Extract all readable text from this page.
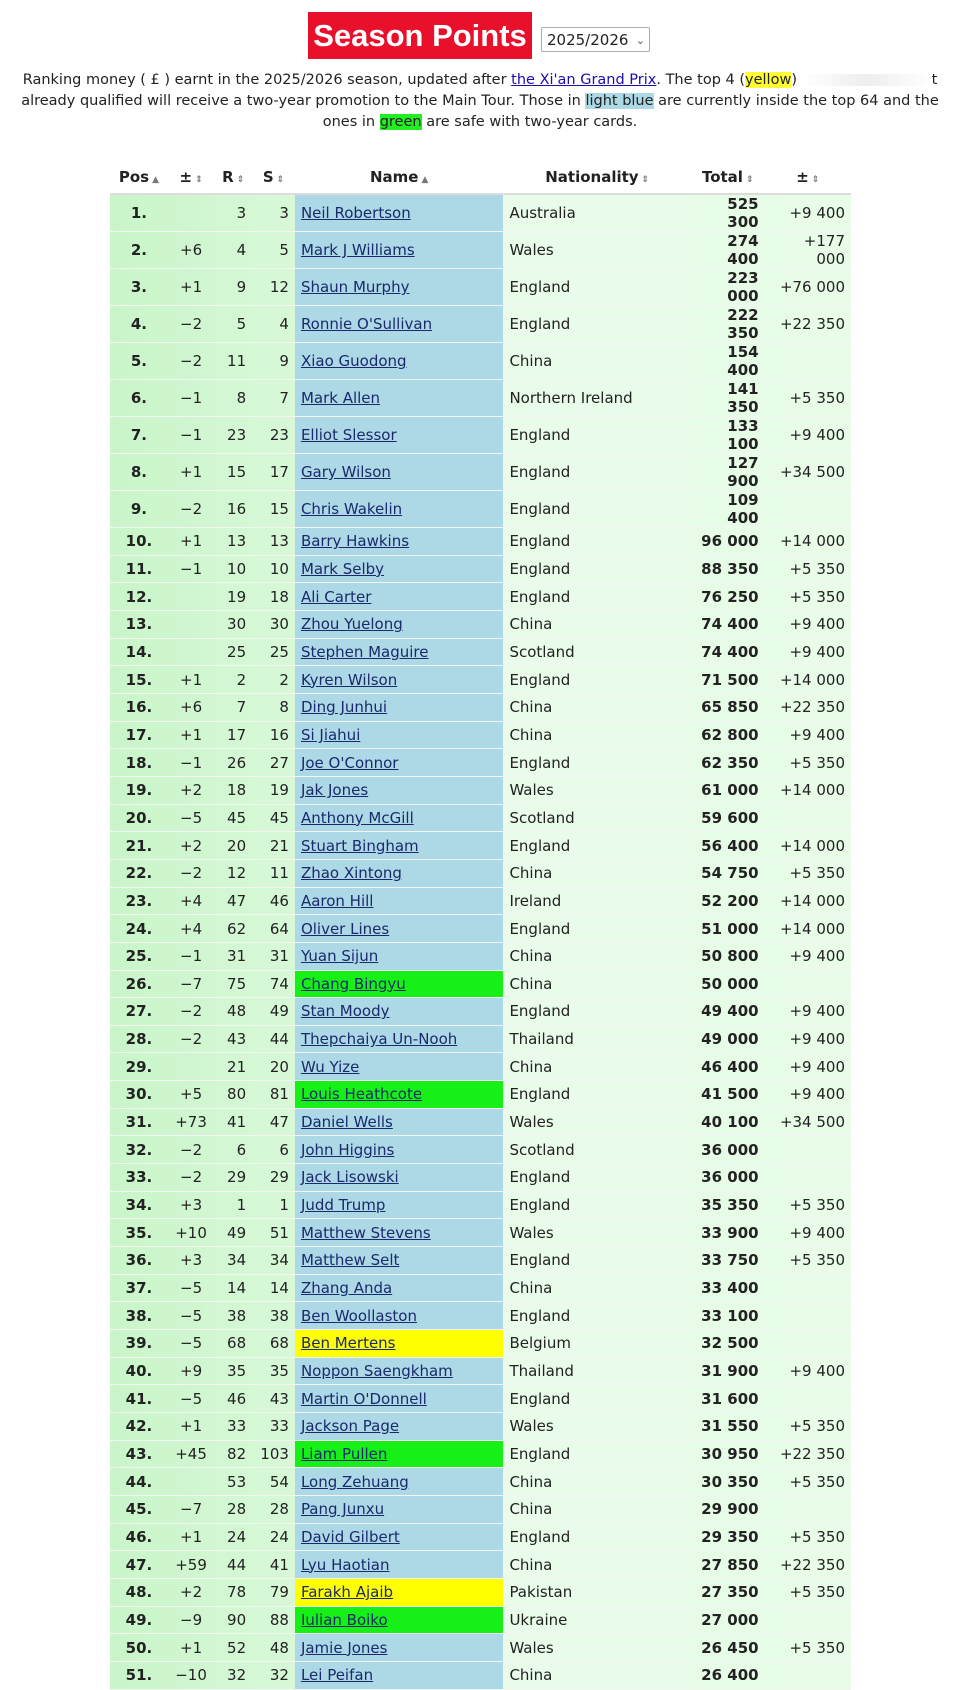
Season Points	2025/2026 ⌄
Ranking money ( £ ) earnt in the 2025/2026 season, updated after the Xi'an Grand Prix. The top 4 (yellow)	t already qualified will receive a two-year promotion to the Main Tour. Those in light blue are currently inside the top 64 and the ones in green are safe with two-year cards.
Pos ▲	± ⇕	R ⇕	S ⇕	Name ▲	Nationality ⇕	Total ⇕	± ⇕
1.		3	3	Neil Robertson	Australia	525 300	+9 400
2.	+6	4	5	Mark J Williams	Wales	274 400	+177 000
3.	+1	9	12	Shaun Murphy	England	223 000	+76 000
4.	−2	5	4	Ronnie O'Sullivan	England	222 350	+22 350
5.	−2	11	9	Xiao Guodong	China	154 400	
6.	−1	8	7	Mark Allen	Northern Ireland	141 350	+5 350
7.	−1	23	23	Elliot Slessor	England	133 100	+9 400
8.	+1	15	17	Gary Wilson	England	127 900	+34 500
9.	−2	16	15	Chris Wakelin	England	109 400	
10.	+1	13	13	Barry Hawkins	England	96 000	+14 000
11.	−1	10	10	Mark Selby	England	88 350	+5 350
12.		19	18	Ali Carter	England	76 250	+5 350
13.		30	30	Zhou Yuelong	China	74 400	+9 400
14.		25	25	Stephen Maguire	Scotland	74 400	+9 400
15.	+1	2	2	Kyren Wilson	England	71 500	+14 000
16.	+6	7	8	Ding Junhui	China	65 850	+22 350
17.	+1	17	16	Si Jiahui	China	62 800	+9 400
18.	−1	26	27	Joe O'Connor	England	62 350	+5 350
19.	+2	18	19	Jak Jones	Wales	61 000	+14 000
20.	−5	45	45	Anthony McGill	Scotland	59 600	
21.	+2	20	21	Stuart Bingham	England	56 400	+14 000
22.	−2	12	11	Zhao Xintong	China	54 750	+5 350
23.	+4	47	46	Aaron Hill	Ireland	52 200	+14 000
24.	+4	62	64	Oliver Lines	England	51 000	+14 000
25.	−1	31	31	Yuan Sijun	China	50 800	+9 400
26.	−7	75	74	Chang Bingyu	China	50 000	
27.	−2	48	49	Stan Moody	England	49 400	+9 400
28.	−2	43	44	Thepchaiya Un-Nooh	Thailand	49 000	+9 400
29.		21	20	Wu Yize	China	46 400	+9 400
30.	+5	80	81	Louis Heathcote	England	41 500	+9 400
31.	+73	41	47	Daniel Wells	Wales	40 100	+34 500
32.	−2	6	6	John Higgins	Scotland	36 000	
33.	−2	29	29	Jack Lisowski	England	36 000	
34.	+3	1	1	Judd Trump	England	35 350	+5 350
35.	+10	49	51	Matthew Stevens	Wales	33 900	+9 400
36.	+3	34	34	Matthew Selt	England	33 750	+5 350
37.	−5	14	14	Zhang Anda	China	33 400	
38.	−5	38	38	Ben Woollaston	England	33 100	
39.	−5	68	68	Ben Mertens	Belgium	32 500	
40.	+9	35	35	Noppon Saengkham	Thailand	31 900	+9 400
41.	−5	46	43	Martin O'Donnell	England	31 600	
42.	+1	33	33	Jackson Page	Wales	31 550	+5 350
43.	+45	82	103	Liam Pullen	England	30 950	+22 350
44.		53	54	Long Zehuang	China	30 350	+5 350
45.	−7	28	28	Pang Junxu	China	29 900	
46.	+1	24	24	David Gilbert	England	29 350	+5 350
47.	+59	44	41	Lyu Haotian	China	27 850	+22 350
48.	+2	78	79	Farakh Ajaib	Pakistan	27 350	+5 350
49.	−9	90	88	Iulian Boiko	Ukraine	27 000	
50.	+1	52	48	Jamie Jones	Wales	26 450	+5 350
51.	−10	32	32	Lei Peifan	China	26 400	
